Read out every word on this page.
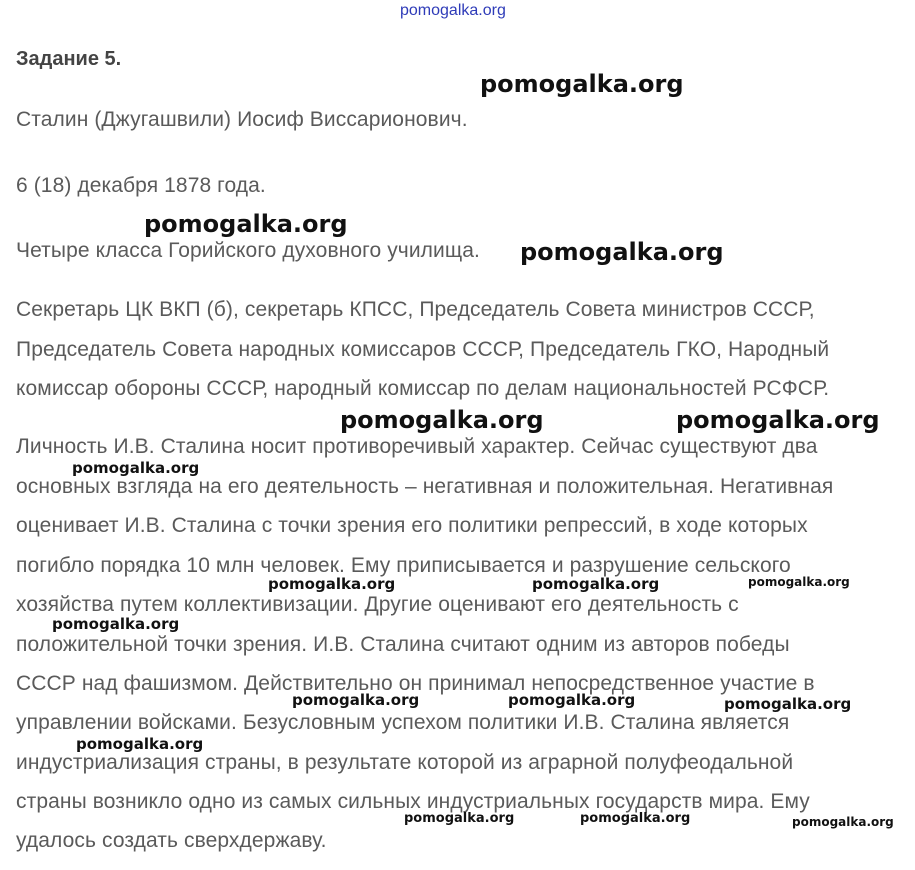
pomogalka.org
Задание 5.
Сталин (Джугашвили) Иосиф Виссарионович.
6 (18) декабря 1878 года.
Четыре класса Горийского духовного училища.
Секретарь ЦК ВКП (б), секретарь КПСС, Председатель Совета министров СССР,
Председатель Совета народных комиссаров СССР, Председатель ГКО, Народный
комиссар обороны СССР, народный комиссар по делам национальностей РСФСР.
Личность И.В. Сталина носит противоречивый характер. Сейчас существуют два
основных взгляда на его деятельность – негативная и положительная. Негативная
оценивает И.В. Сталина с точки зрения его политики репрессий, в ходе которых
погибло порядка 10 млн человек. Ему приписывается и разрушение сельского
хозяйства путем коллективизации. Другие оценивают его деятельность с
положительной точки зрения. И.В. Сталина считают одним из авторов победы
СССР над фашизмом. Действительно он принимал непосредственное участие в
управлении войсками. Безусловным успехом политики И.В. Сталина является
индустриализация страны, в результате которой из аграрной полуфеодальной
страны возникло одно из самых сильных индустриальных государств мира. Ему
удалось создать сверхдержаву.
pomogalka.org
pomogalka.org
pomogalka.org
pomogalka.org	pomogalka.org
pomogalka.org
pomogalka.org	pomogalka.org	pomogalka.org
pomogalka.org
pomogalka.org	pomogalka.org	pomogalka.org
pomogalka.org
pomogalka.org	pomogalka.org	pomogalka.org
